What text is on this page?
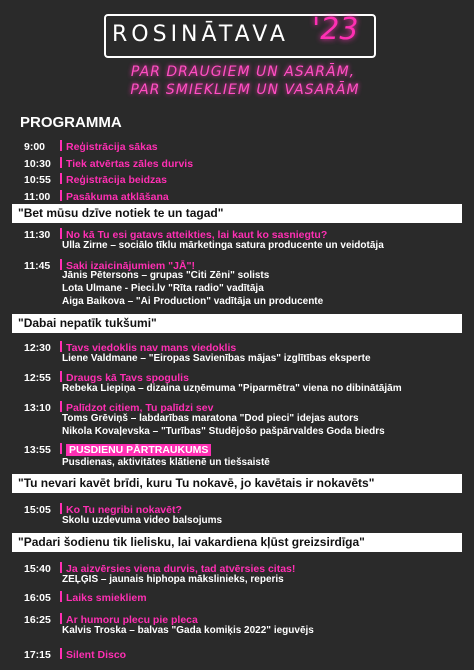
ROSINĀTAVA '23
PAR DRAUGIEM UN ASARĀM,
PAR SMIEKLIEM UN VASARĀM
PROGRAMMA
9:00 Reģistrācija sākas
10:30 Tiek atvērtas zāles durvis
10:55 Reģistrācija beidzas
11:00 Pasākuma atklāšana
"Bet mūsu dzīve notiek te un tagad"
11:30 No kā Tu esi gatavs atteikties, lai kaut ko sasniegtu?
Ulla Zirne – sociālo tīklu mārketinga satura producente un veidotāja
11:45 Saki izaicinājumiem "JĀ"!
Jānis Pētersons – grupas "Citi Zēni" solists
Lota Ulmane - Pieci.lv "Rīta radio" vadītāja
Aiga Baikova – "Ai Production" vadītāja un producente
"Dabai nepatīk tukšumi"
12:30 Tavs viedoklis nav mans viedoklis
Liene Valdmane – "Eiropas Savienības mājas" izglītības eksperte
12:55 Draugs kā Tavs spogulis
Rebeka Liepiņa – dizaina uzņēmuma "Piparmētra" viena no dibinātājām
13:10 Palīdzot citiem, Tu palīdzi sev
Toms Grēviņš – labdarības maratona "Dod pieci" idejas autors
Nikola Kovaļevska – "Turības" Studējošo pašpārvaldes Goda biedrs
13:55 PUSDIENU PĀRTRAUKUMS
Pusdienas, aktivitātes klātienē un tiešsaistē
"Tu nevari kavēt brīdi, kuru Tu nokavē, jo kavētais ir nokavēts"
15:05 Ko Tu negribi nokavēt?
Skolu uzdevuma video balsojums
"Padari šodienu tik lielisku, lai vakardiena kļūst greizsirdīga"
15:40 Ja aizvērsies viena durvis, tad atvērsies citas!
ZEĻĢIS – jaunais hiphopa mākslinieks, reperis
16:05 Laiks smiekliem
16:25 Ar humoru plecu pie pleca
Kalvis Troska – balvas "Gada komiķis 2022" ieguvējs
17:15 Silent Disco
